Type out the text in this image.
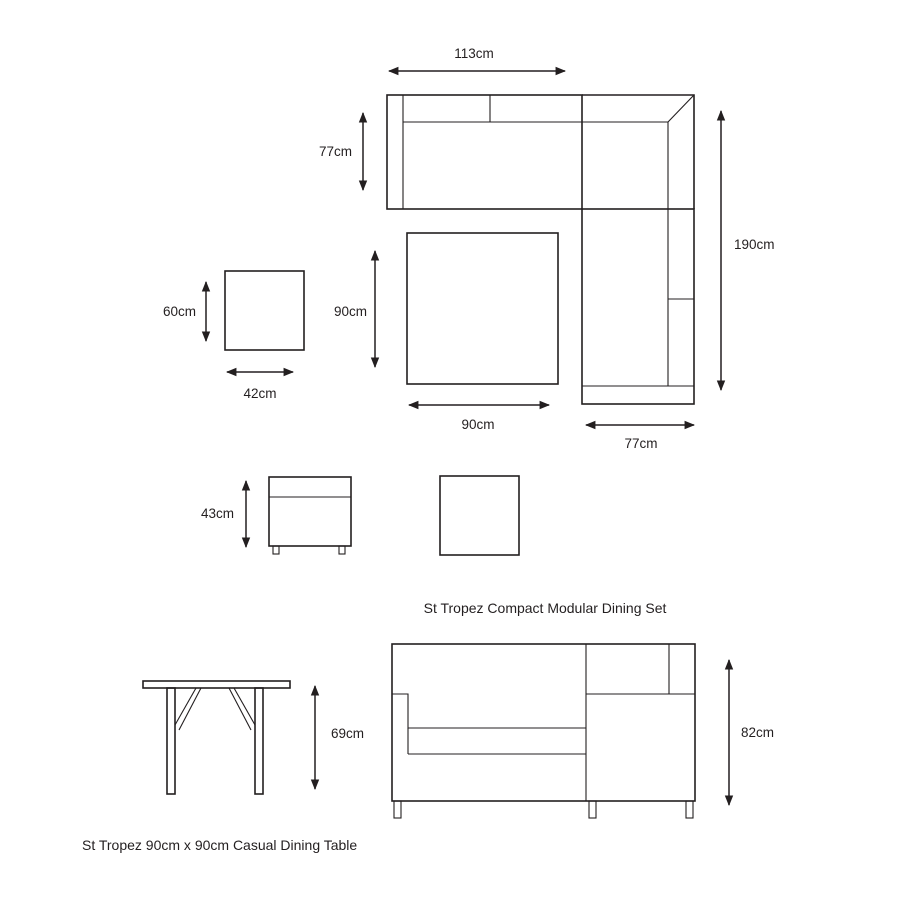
113cm
77cm
190cm
77cm
90cm
90cm
60cm
42cm
43cm
69cm	82cm
St Tropez Compact Modular Dining Set
St Tropez 90cm x 90cm Casual Dining Table
